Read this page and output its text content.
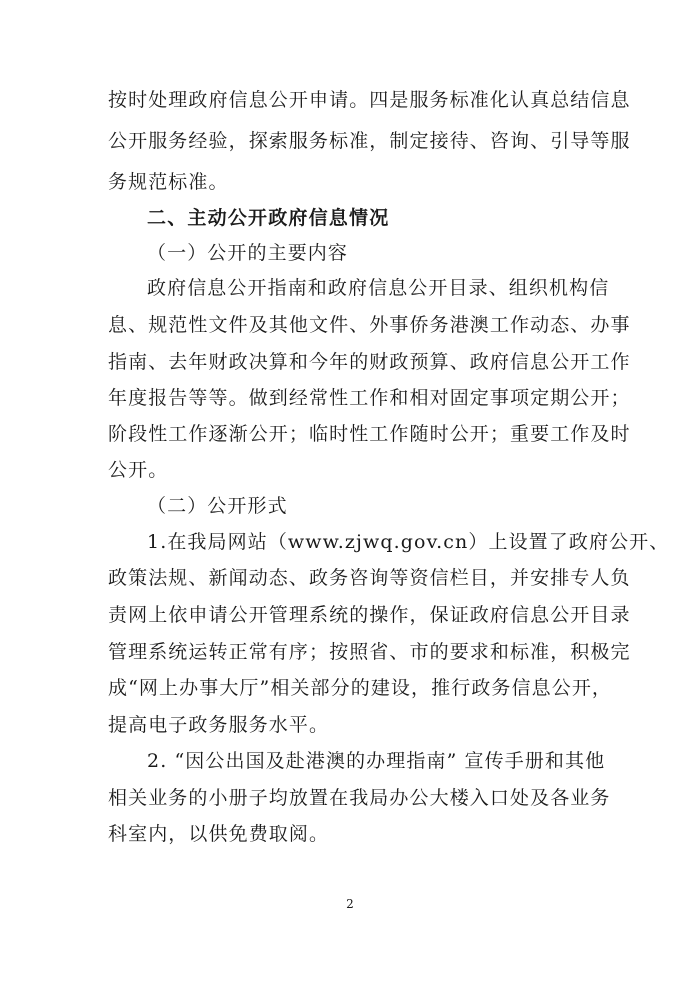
按时处理政府信息公开申请。四是服务标准化认真总结信息
公开服务经验，探索服务标准，制定接待、咨询、引导等服
务规范标准。
二、主动公开政府信息情况
（一）公开的主要内容
政府信息公开指南和政府信息公开目录、组织机构信
息、规范性文件及其他文件、外事侨务港澳工作动态、办事
指南、去年财政决算和今年的财政预算、政府信息公开工作
年度报告等等。做到经常性工作和相对固定事项定期公开；
阶段性工作逐渐公开；临时性工作随时公开；重要工作及时
公开。
（二）公开形式
1.在我局网站（www.zjwq.gov.cn）上设置了政府公开、
政策法规、新闻动态、政务咨询等资信栏目，并安排专人负
责网上依申请公开管理系统的操作，保证政府信息公开目录
管理系统运转正常有序；按照省、市的要求和标准，积极完
成“网上办事大厅”相关部分的建设，推行政务信息公开，
提高电子政务服务水平。
2. “因公出国及赴港澳的办理指南” 宣传手册和其他
相关业务的小册子均放置在我局办公大楼入口处及各业务
科室内，以供免费取阅。
2
